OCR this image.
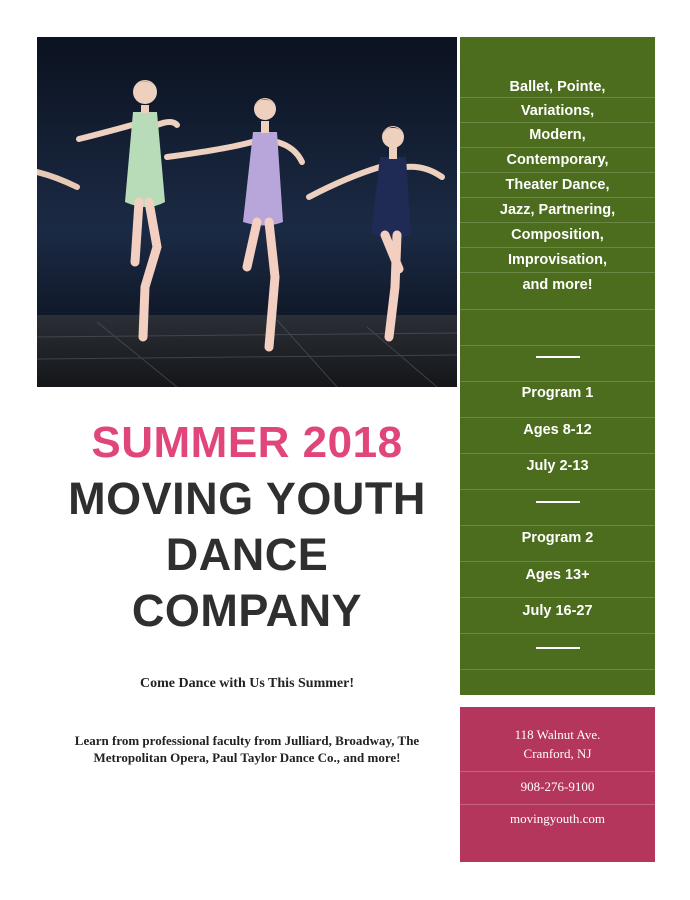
SUMMER 2018
MOVING YOUTH
DANCE
COMPANY
Come Dance with Us This Summer!
Learn from professional faculty from Julliard, Broadway, The Metropolitan Opera, Paul Taylor Dance Co., and more!
Ballet, Pointe,
Variations,
Modern,
Contemporary,
Theater Dance,
Jazz, Partnering,
Composition,
Improvisation,
and more!
Program 1
Ages 8-12
July 2-13
Program 2
Ages 13+
July 16-27
118 Walnut Ave.
Cranford, NJ
908-276-9100
movingyouth.com
